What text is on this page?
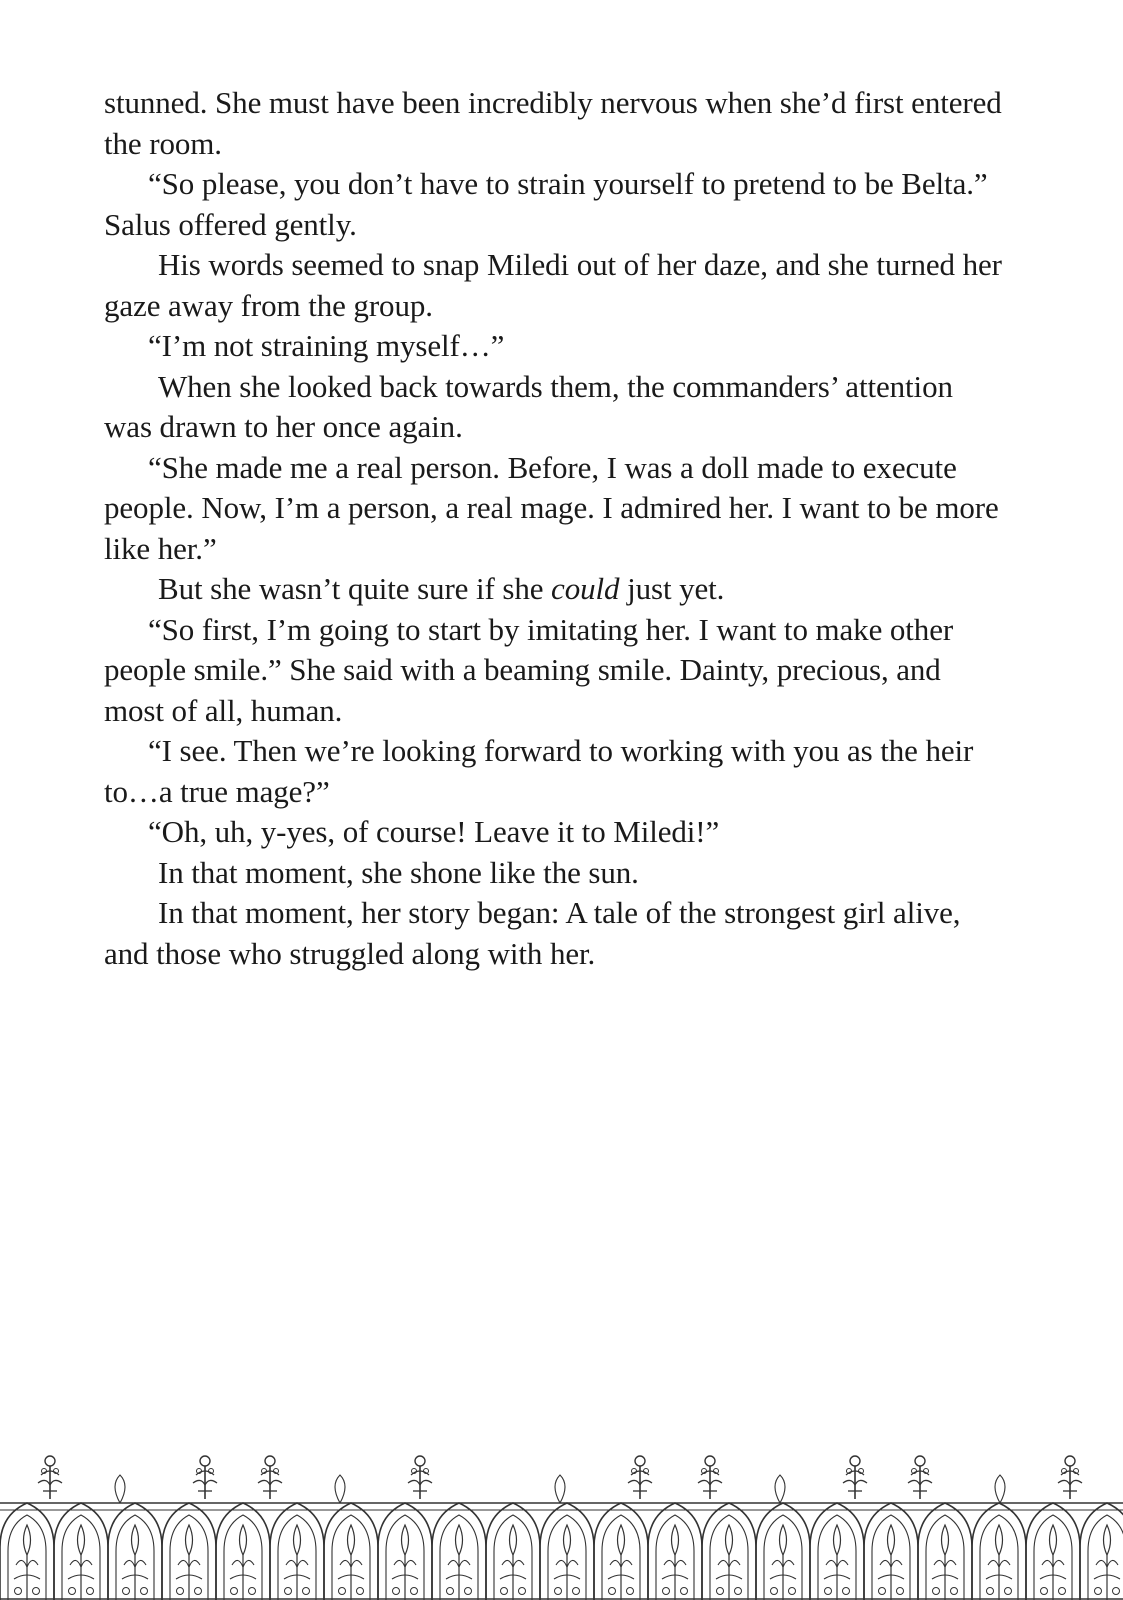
stunned. She must have been incredibly nervous when she’d first entered the room.

“So please, you don’t have to strain yourself to pretend to be Belta.” Salus offered gently.

His words seemed to snap Miledi out of her daze, and she turned her gaze away from the group.

“I’m not straining myself…”

When she looked back towards them, the commanders’ attention was drawn to her once again.

“She made me a real person. Before, I was a doll made to execute people. Now, I’m a person, a real mage. I admired her. I want to be more like her.”

But she wasn’t quite sure if she could just yet.

“So first, I’m going to start by imitating her. I want to make other people smile.” She said with a beaming smile. Dainty, precious, and most of all, human.

“I see. Then we’re looking forward to working with you as the heir to…a true mage?”

“Oh, uh, y-yes, of course! Leave it to Miledi!”

In that moment, she shone like the sun.

In that moment, her story began: A tale of the strongest girl alive, and those who struggled along with her.
